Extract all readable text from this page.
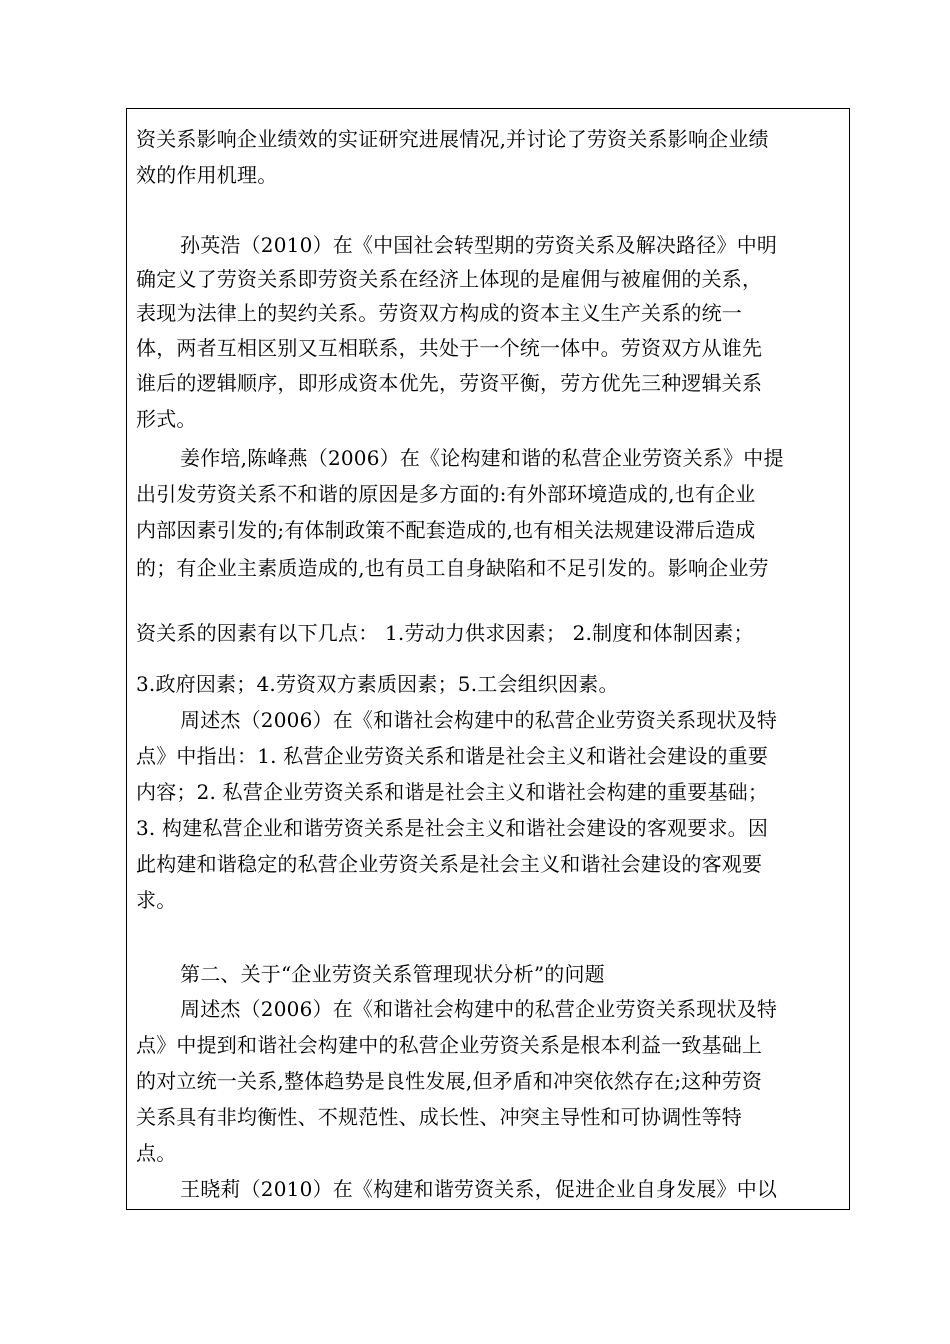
资关系影响企业绩效的实证研究进展情况,并讨论了劳资关系影响企业绩
效的作用机理。
孙英浩（2010）在《中国社会转型期的劳资关系及解决路径》中明
确定义了劳资关系即劳资关系在经济上体现的是雇佣与被雇佣的关系，
表现为法律上的契约关系。劳资双方构成的资本主义生产关系的统一
体，两者互相区别又互相联系，共处于一个统一体中。劳资双方从谁先
谁后的逻辑顺序，即形成资本优先，劳资平衡，劳方优先三种逻辑关系
形式。
姜作培,陈峰燕（2006）在《论构建和谐的私营企业劳资关系》中提
出引发劳资关系不和谐的原因是多方面的:有外部环境造成的,也有企业
内部因素引发的;有体制政策不配套造成的,也有相关法规建设滞后造成
的；有企业主素质造成的,也有员工自身缺陷和不足引发的。影响企业劳
资关系的因素有以下几点： 1.劳动力供求因素； 2.制度和体制因素；
3.政府因素；4.劳资双方素质因素；5.工会组织因素。
周述杰（2006）在《和谐社会构建中的私营企业劳资关系现状及特
点》中指出：1. 私营企业劳资关系和谐是社会主义和谐社会建设的重要
内容；2. 私营企业劳资关系和谐是社会主义和谐社会构建的重要基础；
3. 构建私营企业和谐劳资关系是社会主义和谐社会建设的客观要求。因
此构建和谐稳定的私营企业劳资关系是社会主义和谐社会建设的客观要
求。
第二、关于“企业劳资关系管理现状分析”的问题
周述杰（2006）在《和谐社会构建中的私营企业劳资关系现状及特
点》中提到和谐社会构建中的私营企业劳资关系是根本利益一致基础上
的对立统一关系,整体趋势是良性发展,但矛盾和冲突依然存在;这种劳资
关系具有非均衡性、不规范性、成长性、冲突主导性和可协调性等特
点。
王晓莉（2010）在《构建和谐劳资关系，促进企业自身发展》中以
